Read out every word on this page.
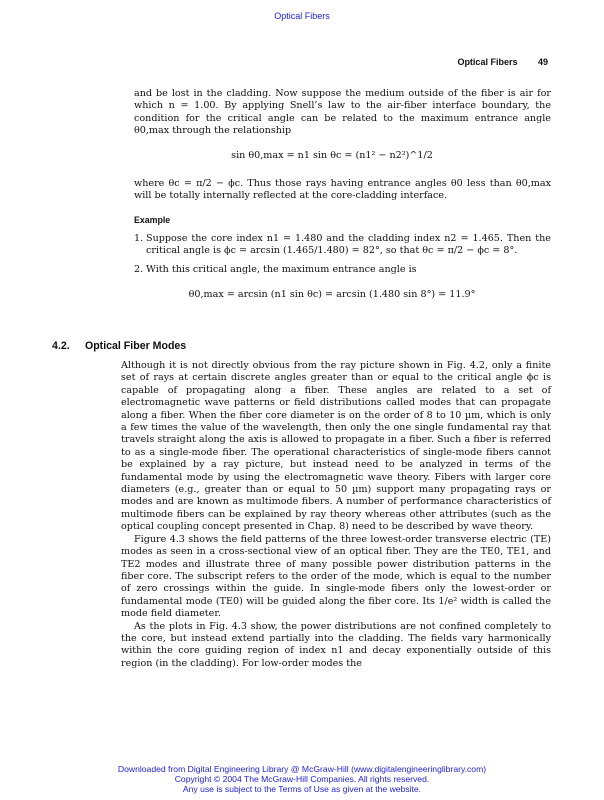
Optical Fibers
Optical Fibers 49
and be lost in the cladding. Now suppose the medium outside of the fiber is air for which n = 1.00. By applying Snell’s law to the air-fiber interface boundary, the condition for the critical angle can be related to the maximum entrance angle θ0,max through the relationship
sin θ0,max = n1 sin θc = (n1² − n2²)^1/2
where θc = π/2 − ϕc. Thus those rays having entrance angles θ0 less than θ0,max will be totally internally reflected at the core-cladding interface.
Example
1. Suppose the core index n1 = 1.480 and the cladding index n2 = 1.465. Then the critical angle is ϕc = arcsin (1.465/1.480) = 82°, so that θc = π/2 − ϕc = 8°.
2. With this critical angle, the maximum entrance angle is
θ0,max = arcsin (n1 sin θc) = arcsin (1.480 sin 8°) = 11.9°
4.2. Optical Fiber Modes

Although it is not directly obvious from the ray picture shown in Fig. 4.2, only a finite set of rays at certain discrete angles greater than or equal to the critical angle ϕc is capable of propagating along a fiber. These angles are related to a set of electromagnetic wave patterns or field distributions called modes that can propagate along a fiber. When the fiber core diameter is on the order of 8 to 10 µm, which is only a few times the value of the wavelength, then only the one single fundamental ray that travels straight along the axis is allowed to propagate in a fiber. Such a fiber is referred to as a single-mode fiber. The operational characteristics of single-mode fibers cannot be explained by a ray picture, but instead need to be analyzed in terms of the fundamental mode by using the electromagnetic wave theory. Fibers with larger core diameters (e.g., greater than or equal to 50 µm) support many propagating rays or modes and are known as multimode fibers. A number of performance characteristics of multimode fibers can be explained by ray theory whereas other attributes (such as the optical coupling concept presented in Chap. 8) need to be described by wave theory.

Figure 4.3 shows the field patterns of the three lowest-order transverse electric (TE) modes as seen in a cross-sectional view of an optical fiber. They are the TE0, TE1, and TE2 modes and illustrate three of many possible power distribution patterns in the fiber core. The subscript refers to the order of the mode, which is equal to the number of zero crossings within the guide. In single-mode fibers only the lowest-order or fundamental mode (TE0) will be guided along the fiber core. Its 1/e² width is called the mode field diameter.

As the plots in Fig. 4.3 show, the power distributions are not confined completely to the core, but instead extend partially into the cladding. The fields vary harmonically within the core guiding region of index n1 and decay exponentially outside of this region (in the cladding). For low-order modes the

Downloaded from Digital Engineering Library @ McGraw-Hill (www.digitalengineeringlibrary.com)
Copyright © 2004 The McGraw-Hill Companies. All rights reserved.
Any use is subject to the Terms of Use as given at the website.
